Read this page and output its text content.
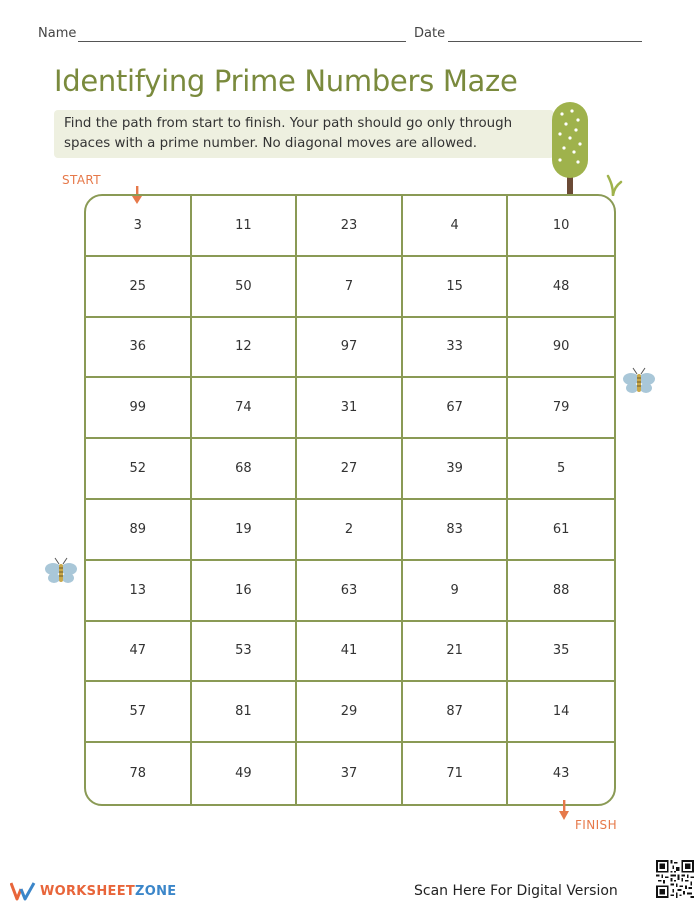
Name	Date
Identifying Prime Numbers Maze
Find the path from start to finish. Your path should go only through
spaces with a prime number. No diagonal moves are allowed.
START
3	11	23	4	10
25	50	7	15	48
36	12	97	33	90
99	74	31	67	79
52	68	27	39	5
89	19	2	83	61
13	16	63	9	88
47	53	41	21	35
57	81	29	87	14
78	49	37	71	43
FINISH
WORKSHEETZONE	Scan Here For Digital Version
